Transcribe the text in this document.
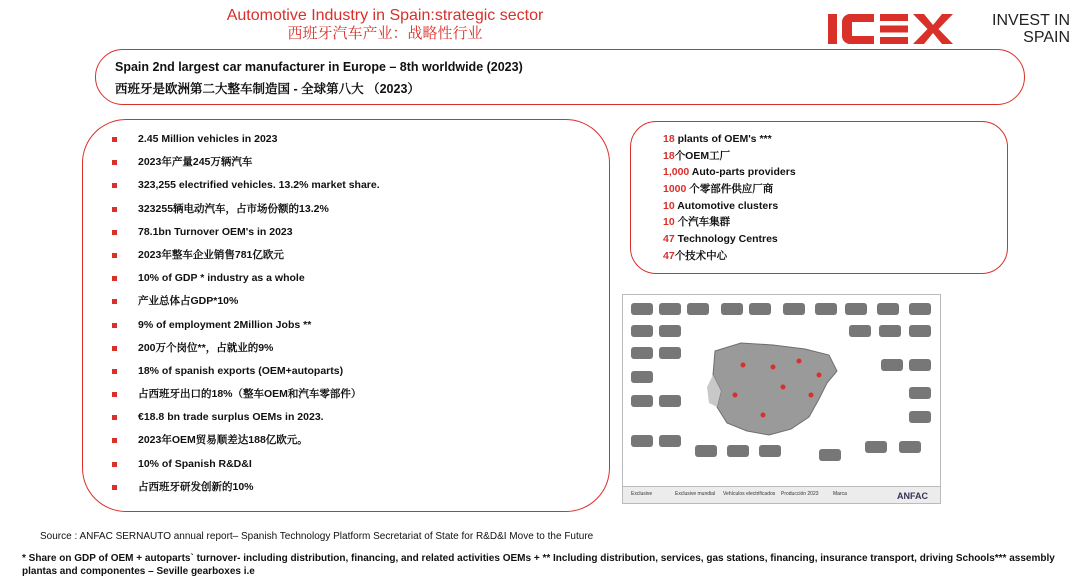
Automotive Industry in Spain:strategic sector
西班牙汽车产业：战略性行业
INVEST IN
SPAIN
Spain 2nd largest car manufacturer in Europe – 8th worldwide (2023)
西班牙是欧洲第二大整车制造国 - 全球第八大 （2023）
2.45 Million vehicles in 2023
2023年产量245万辆汽车
323,255 electrified vehicles. 13.2% market share.
323255辆电动汽车，占市场份额的13.2%
78.1bn Turnover OEM's in 2023
2023年整车企业销售781亿欧元
10% of GDP * industry as a whole
产业总体占GDP*10%
9% of employment 2Million Jobs **
200万个岗位**，占就业的9%
18% of spanish exports (OEM+autoparts)
占西班牙出口的18%（整车OEM和汽车零部件）
€18.8 bn trade surplus OEMs in 2023.
2023年OEM贸易顺差达188亿欧元。
10% of Spanish R&D&I
占西班牙研发创新的10%
18 plants of OEM's ***
18个OEM工厂
1,000 Auto-parts providers
1000 个零部件供应厂商
10 Automotive clusters
10 个汽车集群
47 Technology Centres
47个技术中心
Exclusive	Exclusive mundial Vehículos electrificados Producción 2023	Marca	ANFAC
Source : ANFAC SERNAUTO annual report– Spanish Technology Platform Secretariat of State for R&D&I Move to the Future
* Share on GDP of OEM + autoparts` turnover- including distribution, financing, and related activities OEMs + ** Including distribution, services, gas stations, financing, insurance transport, driving Schools*** assembly plantas and componentes – Seville gearboxes i.e
